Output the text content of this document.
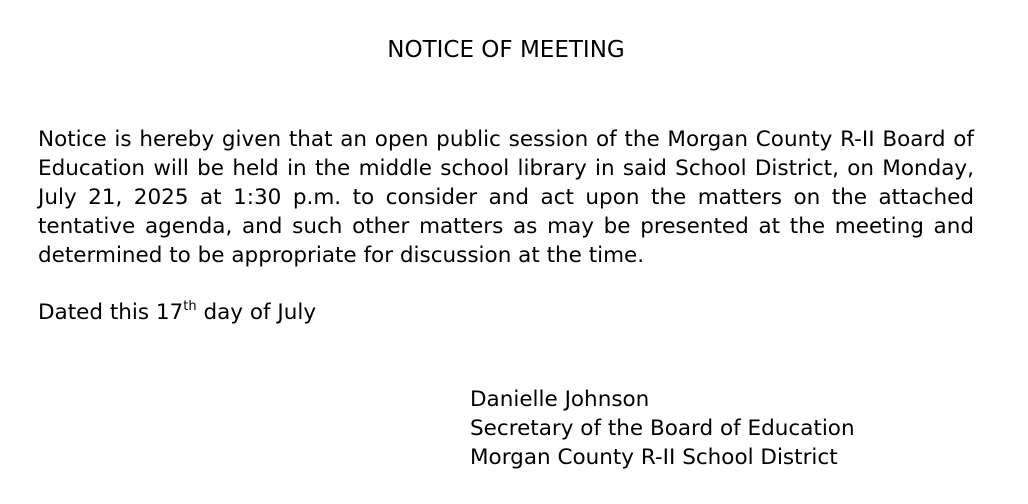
NOTICE OF MEETING

Notice is hereby given that an open public session of the Morgan County R-II Board of Education will be held in the middle school library in said School District, on Monday, July 21, 2025 at 1:30 p.m. to consider and act upon the matters on the attached tentative agenda, and such other matters as may be presented at the meeting and determined to be appropriate for discussion at the time.

Dated this 17th day of July

Danielle Johnson
Secretary of the Board of Education
Morgan County R-II School District
